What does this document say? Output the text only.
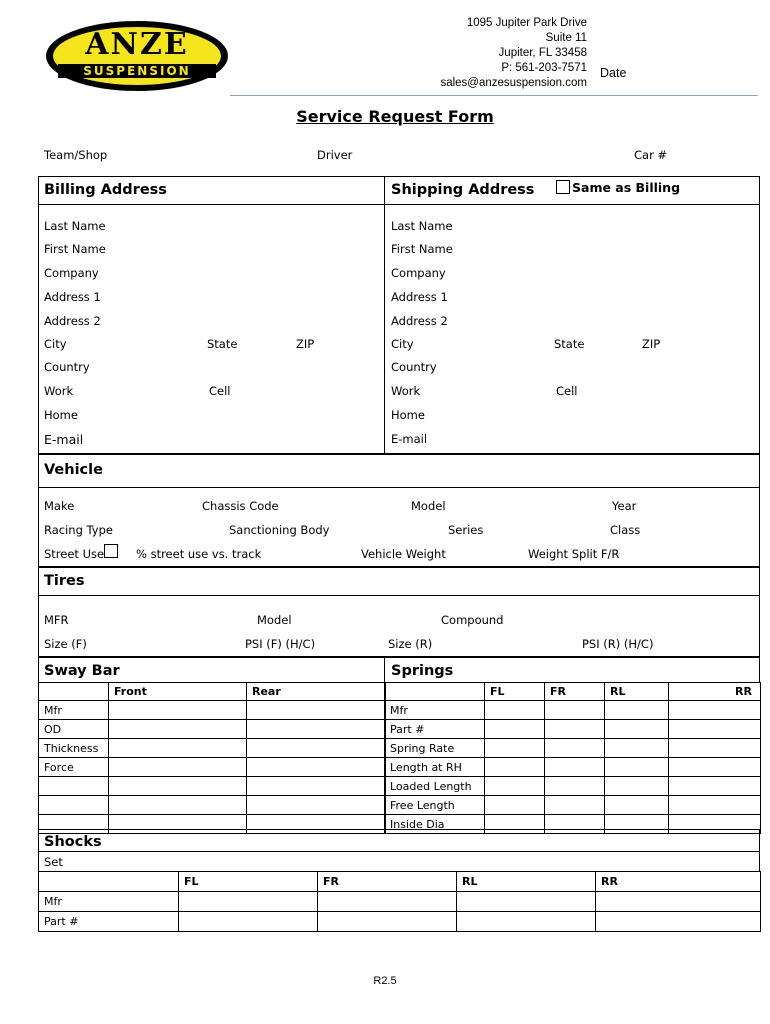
ANZE
SUSPENSION
1095 Jupiter Park Drive
Suite 11
Jupiter, FL 33458
P: 561-203-7571
sales@anzesuspension.com
Date
Service Request Form
Team/Shop	Driver	Car #
Billing Address	Shipping Address	Same as Billing
Last Name
First Name
Company
Address 1
Address 2
City	State	ZIP
Country
Work	Cell
Home
E-mail
Last Name
First Name
Company
Address 1
Address 2
City	State	ZIP
Country
Work	Cell
Home
E-mail
Vehicle
Make	Chassis Code	Model	Year
Racing Type	Sanctioning Body	Series	Class
Street Use	% street use vs. track	Vehicle Weight	Weight Split F/R
Tires
MFR	Model	Compound
Size (F)	PSI (F) (H/C)	Size (R)	PSI (R) (H/C)
Sway Bar	Springs
	Front	Rear
Mfr		
OD		
Thickness		
Force		

	FL	FR	RL	RR
Mfr				
Part #				
Spring Rate				
Length at RH				
Loaded Length				
Free Length				
Inside Dia				
Shocks
Set
	FL	FR	RL	RR
Mfr				
Part #				
R2.5
